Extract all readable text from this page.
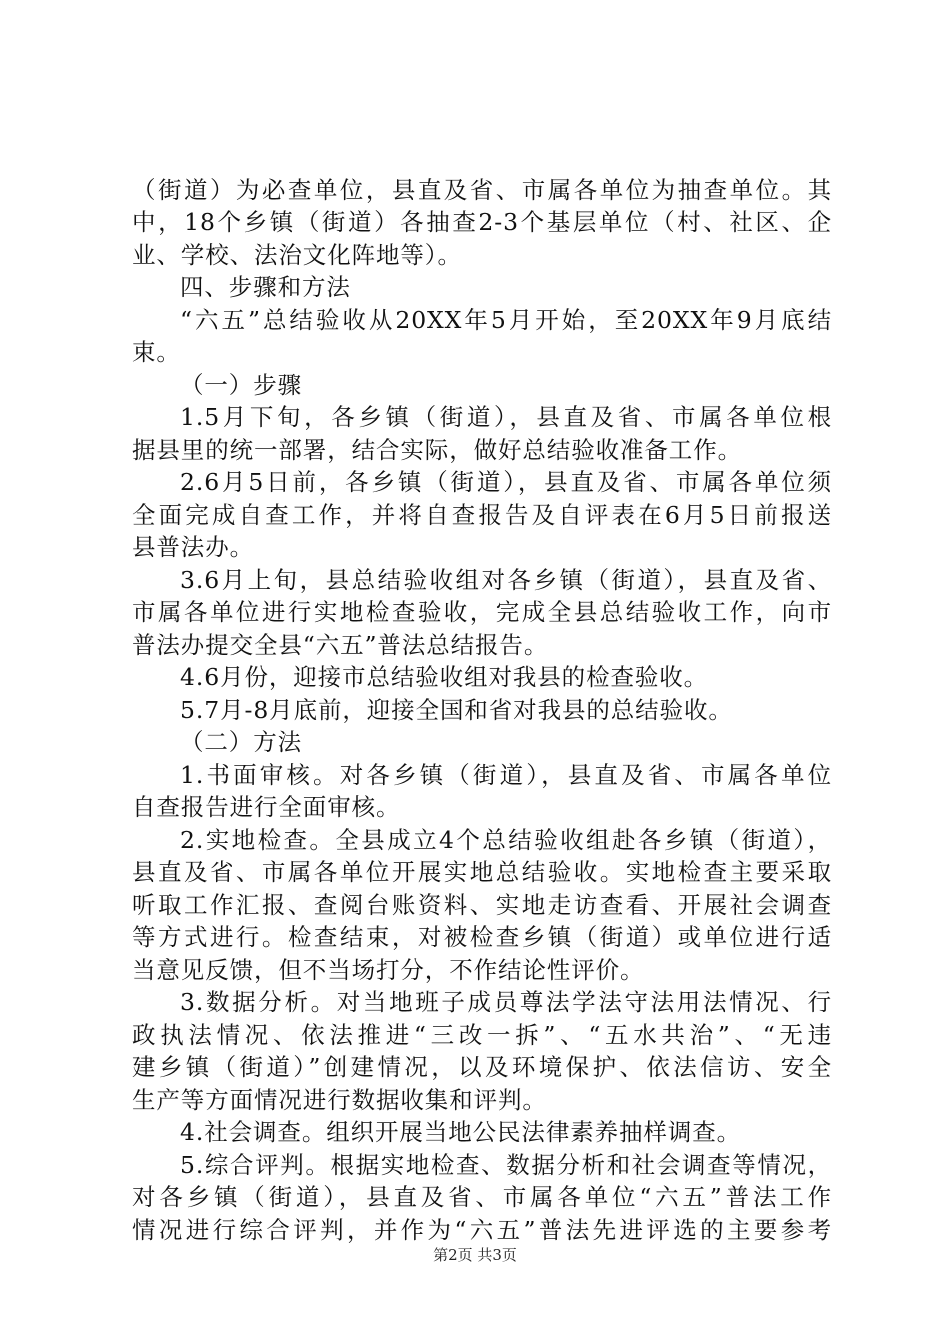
（街道）为必查单位，县直及省、市属各单位为抽查单位。其
中，18个乡镇（街道）各抽查2-3个基层单位（村、社区、企
业、学校、法治文化阵地等）。
四、步骤和方法
“六五”总结验收从20XX年5月开始，至20XX年9月底结
束。
（一）步骤
1.5月下旬，各乡镇（街道），县直及省、市属各单位根
据县里的统一部署，结合实际，做好总结验收准备工作。
2.6月5日前，各乡镇（街道），县直及省、市属各单位须
全面完成自查工作，并将自查报告及自评表在6月5日前报送
县普法办。
3.6月上旬，县总结验收组对各乡镇（街道），县直及省、
市属各单位进行实地检查验收，完成全县总结验收工作，向市
普法办提交全县“六五”普法总结报告。
4.6月份，迎接市总结验收组对我县的检查验收。
5.7月-8月底前，迎接全国和省对我县的总结验收。
（二）方法
1.书面审核。对各乡镇（街道），县直及省、市属各单位
自查报告进行全面审核。
2.实地检查。全县成立4个总结验收组赴各乡镇（街道），
县直及省、市属各单位开展实地总结验收。实地检查主要采取
听取工作汇报、查阅台账资料、实地走访查看、开展社会调查
等方式进行。检查结束，对被检查乡镇（街道）或单位进行适
当意见反馈，但不当场打分，不作结论性评价。
3.数据分析。对当地班子成员尊法学法守法用法情况、行
政执法情况、依法推进“三改一拆”、“五水共治”、“无违
建乡镇（街道）”创建情况，以及环境保护、依法信访、安全
生产等方面情况进行数据收集和评判。
4.社会调查。组织开展当地公民法律素养抽样调查。
5.综合评判。根据实地检查、数据分析和社会调查等情况，
对各乡镇（街道），县直及省、市属各单位“六五”普法工作
情况进行综合评判，并作为“六五”普法先进评选的主要参考
第2页 共3页
